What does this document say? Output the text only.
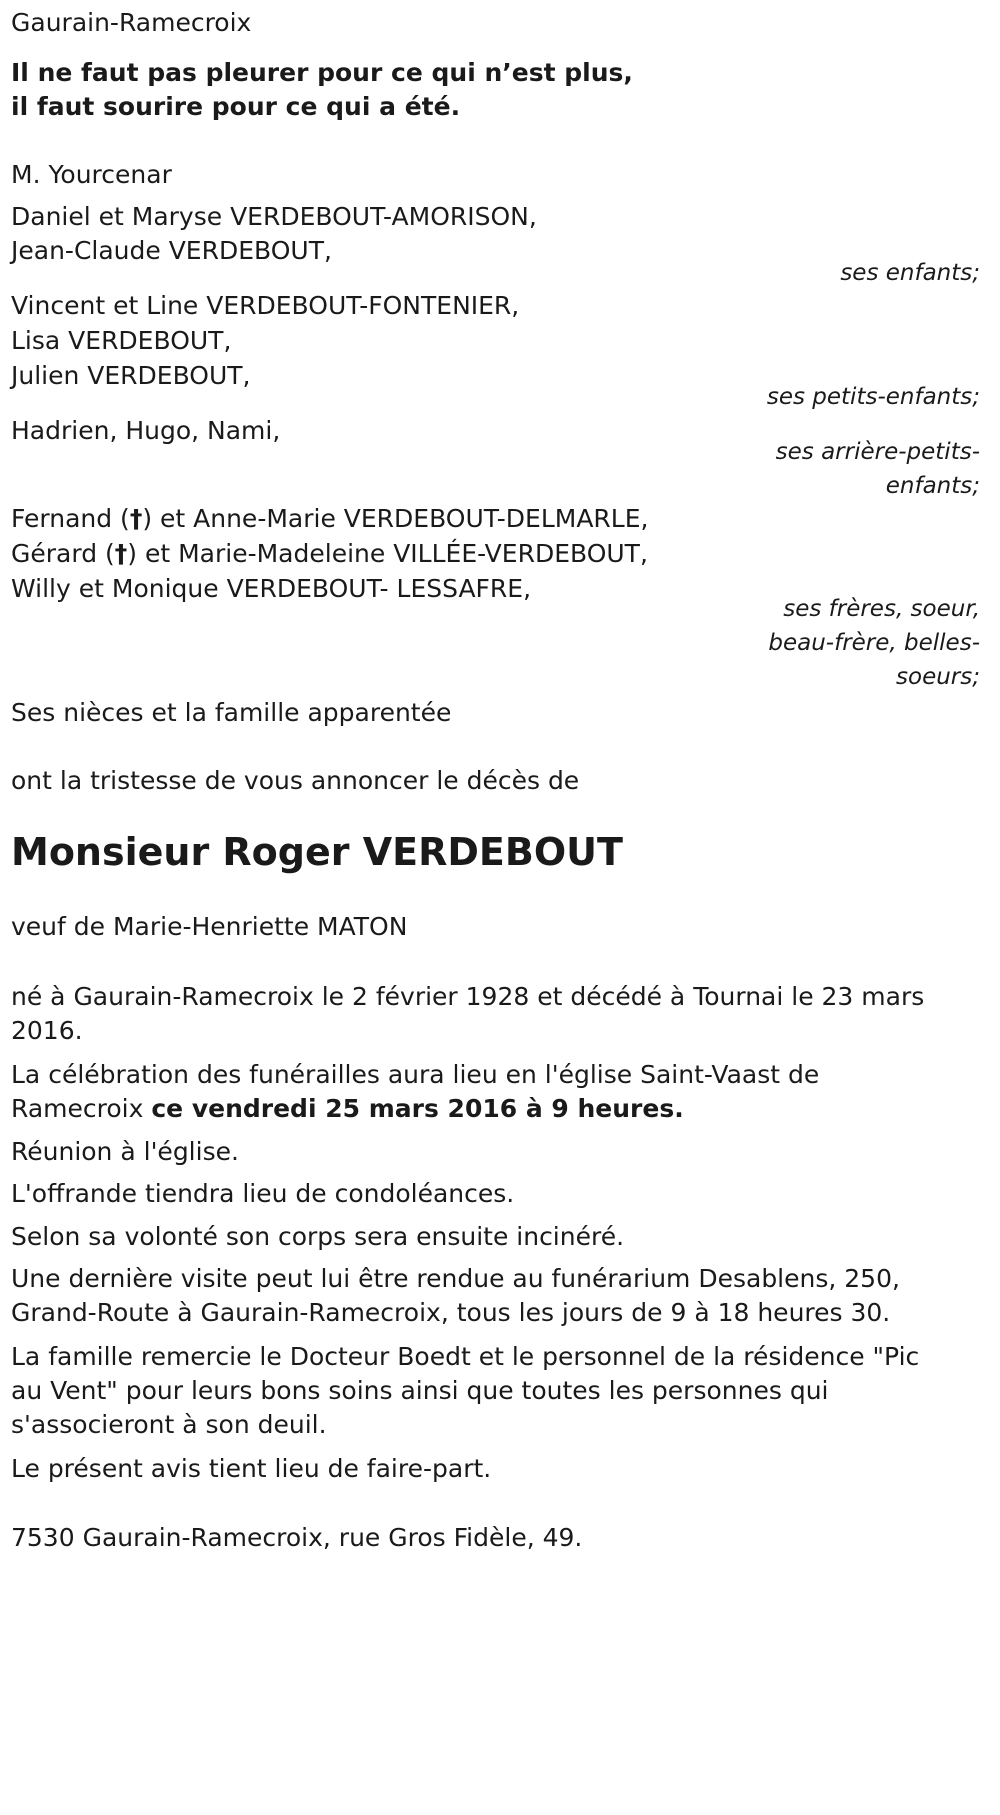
Gaurain-Ramecroix
Il ne faut pas pleurer pour ce qui n’est plus,
il faut sourire pour ce qui a été.
M. Yourcenar
Daniel et Maryse VERDEBOUT-AMORISON,
Jean-Claude VERDEBOUT,
ses enfants;
Vincent et Line VERDEBOUT-FONTENIER,
Lisa VERDEBOUT,
Julien VERDEBOUT,
ses petits-enfants;
Hadrien, Hugo, Nami,
ses arrière-petits-
enfants;
Fernand (†) et Anne-Marie VERDEBOUT-DELMARLE,
Gérard (†) et Marie-Madeleine VILLÉE-VERDEBOUT,
Willy et Monique VERDEBOUT- LESSAFRE,
ses frères, soeur,
beau-frère, belles-
soeurs;
Ses nièces et la famille apparentée
ont la tristesse de vous annoncer le décès de
Monsieur Roger VERDEBOUT
veuf de Marie-Henriette MATON
né à Gaurain-Ramecroix le 2 février 1928 et décédé à Tournai le 23 mars
2016.
La célébration des funérailles aura lieu en l'église Saint-Vaast de
Ramecroix ce vendredi 25 mars 2016 à 9 heures.
Réunion à l'église.
L'offrande tiendra lieu de condoléances.
Selon sa volonté son corps sera ensuite incinéré.
Une dernière visite peut lui être rendue au funérarium Desablens, 250,
Grand-Route à Gaurain-Ramecroix, tous les jours de 9 à 18 heures 30.
La famille remercie le Docteur Boedt et le personnel de la résidence "Pic
au Vent" pour leurs bons soins ainsi que toutes les personnes qui
s'associeront à son deuil.
Le présent avis tient lieu de faire-part.
7530 Gaurain-Ramecroix, rue Gros Fidèle, 49.
